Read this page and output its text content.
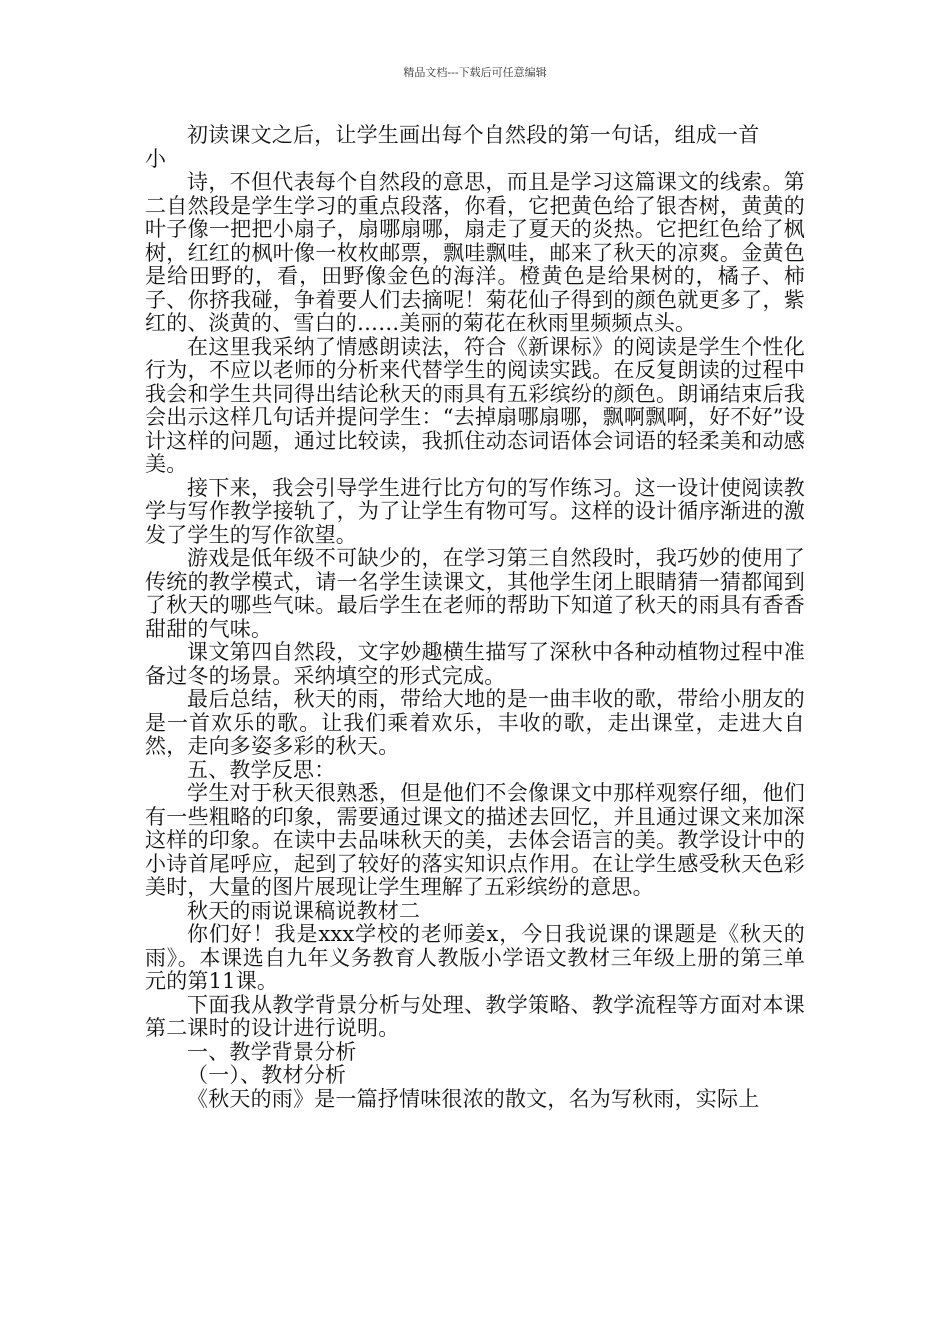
精品文档---下载后可任意编辑

初读课文之后，让学生画出每个自然段的第一句话，组成一首

小

诗，不但代表每个自然段的意思，而且是学习这篇课文的线索。第二自然段是学生学习的重点段落，你看，它把黄色给了银杏树，黄黄的叶子像一把把小扇子，扇哪扇哪，扇走了夏天的炎热。它把红色给了枫树，红红的枫叶像一枚枚邮票，飘哇飘哇，邮来了秋天的凉爽。金黄色是给田野的，看，田野像金色的海洋。橙黄色是给果树的，橘子、柿子、你挤我碰，争着要人们去摘呢！菊花仙子得到的颜色就更多了，紫红的、淡黄的、雪白的……美丽的菊花在秋雨里频频点头。

在这里我采纳了情感朗读法，符合《新课标》的阅读是学生个性化行为，不应以老师的分析来代替学生的阅读实践。在反复朗读的过程中我会和学生共同得出结论秋天的雨具有五彩缤纷的颜色。朗诵结束后我会出示这样几句话并提问学生：“去掉扇哪扇哪，飘啊飘啊，好不好”设计这样的问题，通过比较读，我抓住动态词语体会词语的轻柔美和动感美。

接下来，我会引导学生进行比方句的写作练习。这一设计使阅读教学与写作教学接轨了，为了让学生有物可写。这样的设计循序渐进的激发了学生的写作欲望。

游戏是低年级不可缺少的，在学习第三自然段时，我巧妙的使用了传统的教学模式，请一名学生读课文，其他学生闭上眼睛猜一猜都闻到了秋天的哪些气味。最后学生在老师的帮助下知道了秋天的雨具有香香甜甜的气味。

课文第四自然段，文字妙趣横生描写了深秋中各种动植物过程中准备过冬的场景。采纳填空的形式完成。

最后总结，秋天的雨，带给大地的是一曲丰收的歌，带给小朋友的是一首欢乐的歌。让我们乘着欢乐，丰收的歌，走出课堂，走进大自然，走向多姿多彩的秋天。

五、教学反思：

学生对于秋天很熟悉，但是他们不会像课文中那样观察仔细，他们有一些粗略的印象，需要通过课文的描述去回忆，并且通过课文来加深这样的印象。在读中去品味秋天的美，去体会语言的美。教学设计中的小诗首尾呼应，起到了较好的落实知识点作用。在让学生感受秋天色彩美时，大量的图片展现让学生理解了五彩缤纷的意思。

秋天的雨说课稿说教材二

你们好！我是xxx学校的老师姜x，今日我说课的课题是《秋天的雨》。本课选自九年义务教育人教版小学语文教材三年级上册的第三单元的第11课。

下面我从教学背景分析与处理、教学策略、教学流程等方面对本课第二课时的设计进行说明。

一、教学背景分析

（一）、教材分析

《秋天的雨》是一篇抒情味很浓的散文，名为写秋雨，实际上
